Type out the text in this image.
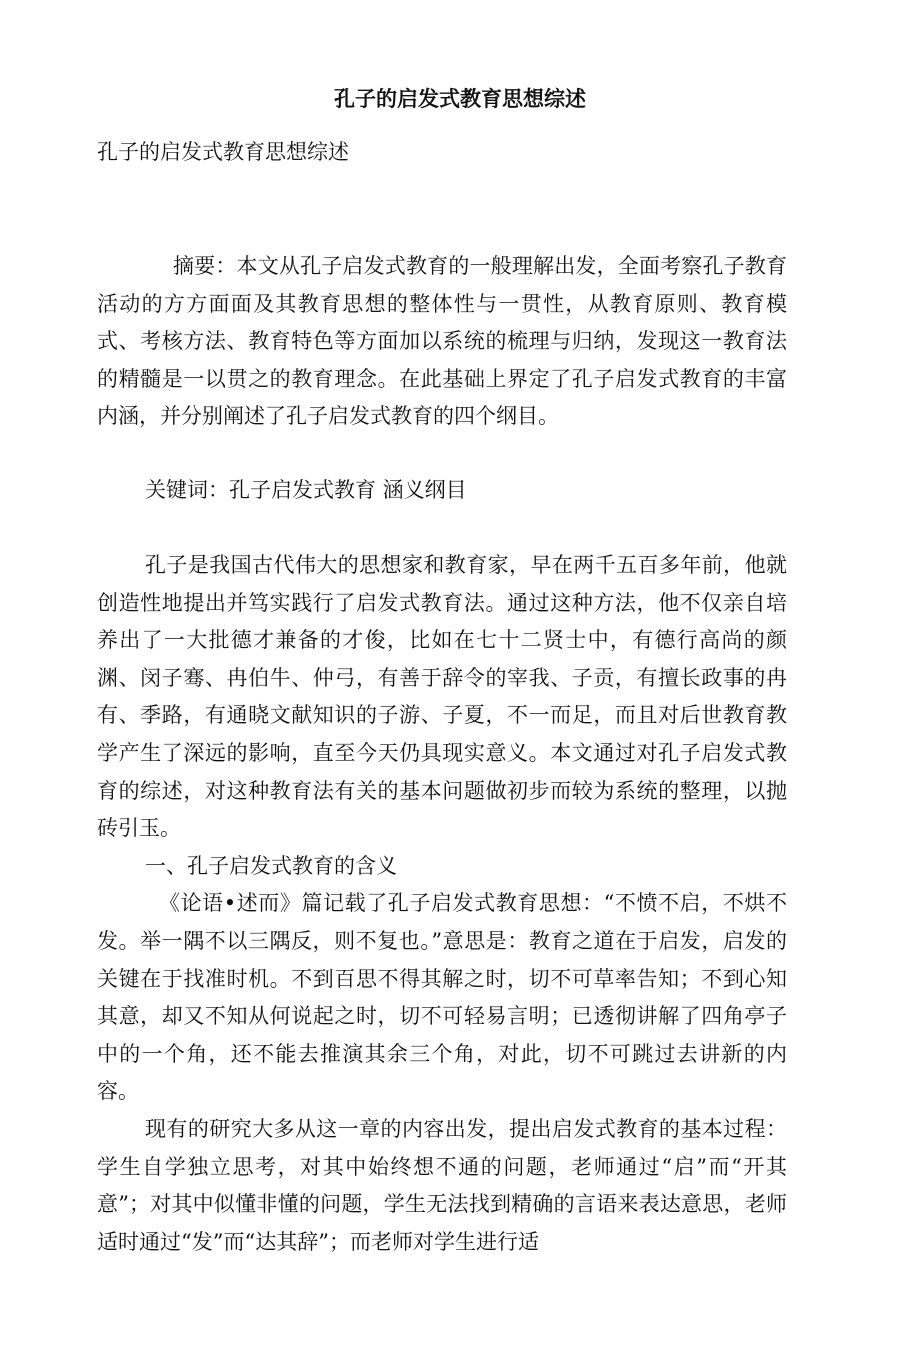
孔子的启发式教育思想综述
孔子的启发式教育思想综述

摘要：本文从孔子启发式教育的一般理解出发，全面考察孔子教育活动的方方面面及其教育思想的整体性与一贯性，从教育原则、教育模式、考核方法、教育特色等方面加以系统的梳理与归纳，发现这一教育法的精髓是一以贯之的教育理念。在此基础上界定了孔子启发式教育的丰富内涵，并分别阐述了孔子启发式教育的四个纲目。

关键词：孔子启发式教育 涵义纲目

孔子是我国古代伟大的思想家和教育家，早在两千五百多年前，他就创造性地提出并笃实践行了启发式教育法。通过这种方法，他不仅亲自培养出了一大批德才兼备的才俊，比如在七十二贤士中，有德行高尚的颜渊、闵子骞、冉伯牛、仲弓，有善于辞令的宰我、子贡，有擅长政事的冉有、季路，有通晓文献知识的子游、子夏，不一而足，而且对后世教育教学产生了深远的影响，直至今天仍具现实意义。本文通过对孔子启发式教育的综述，对这种教育法有关的基本问题做初步而较为系统的整理，以抛砖引玉。

一、孔子启发式教育的含义

《论语•述而》篇记载了孔子启发式教育思想：“不愤不启，不烘不发。举一隅不以三隅反，则不复也。”意思是：教育之道在于启发，启发的关键在于找准时机。不到百思不得其解之时，切不可草率告知；不到心知其意，却又不知从何说起之时，切不可轻易言明；已透彻讲解了四角亭子中的一个角，还不能去推演其余三个角，对此，切不可跳过去讲新的内容。

现有的研究大多从这一章的内容出发，提出启发式教育的基本过程：学生自学独立思考，对其中始终想不通的问题，老师通过“启”而“开其意”；对其中似懂非懂的问题，学生无法找到精确的言语来表达意思，老师适时通过“发”而“达其辞”；而老师对学生进行适
